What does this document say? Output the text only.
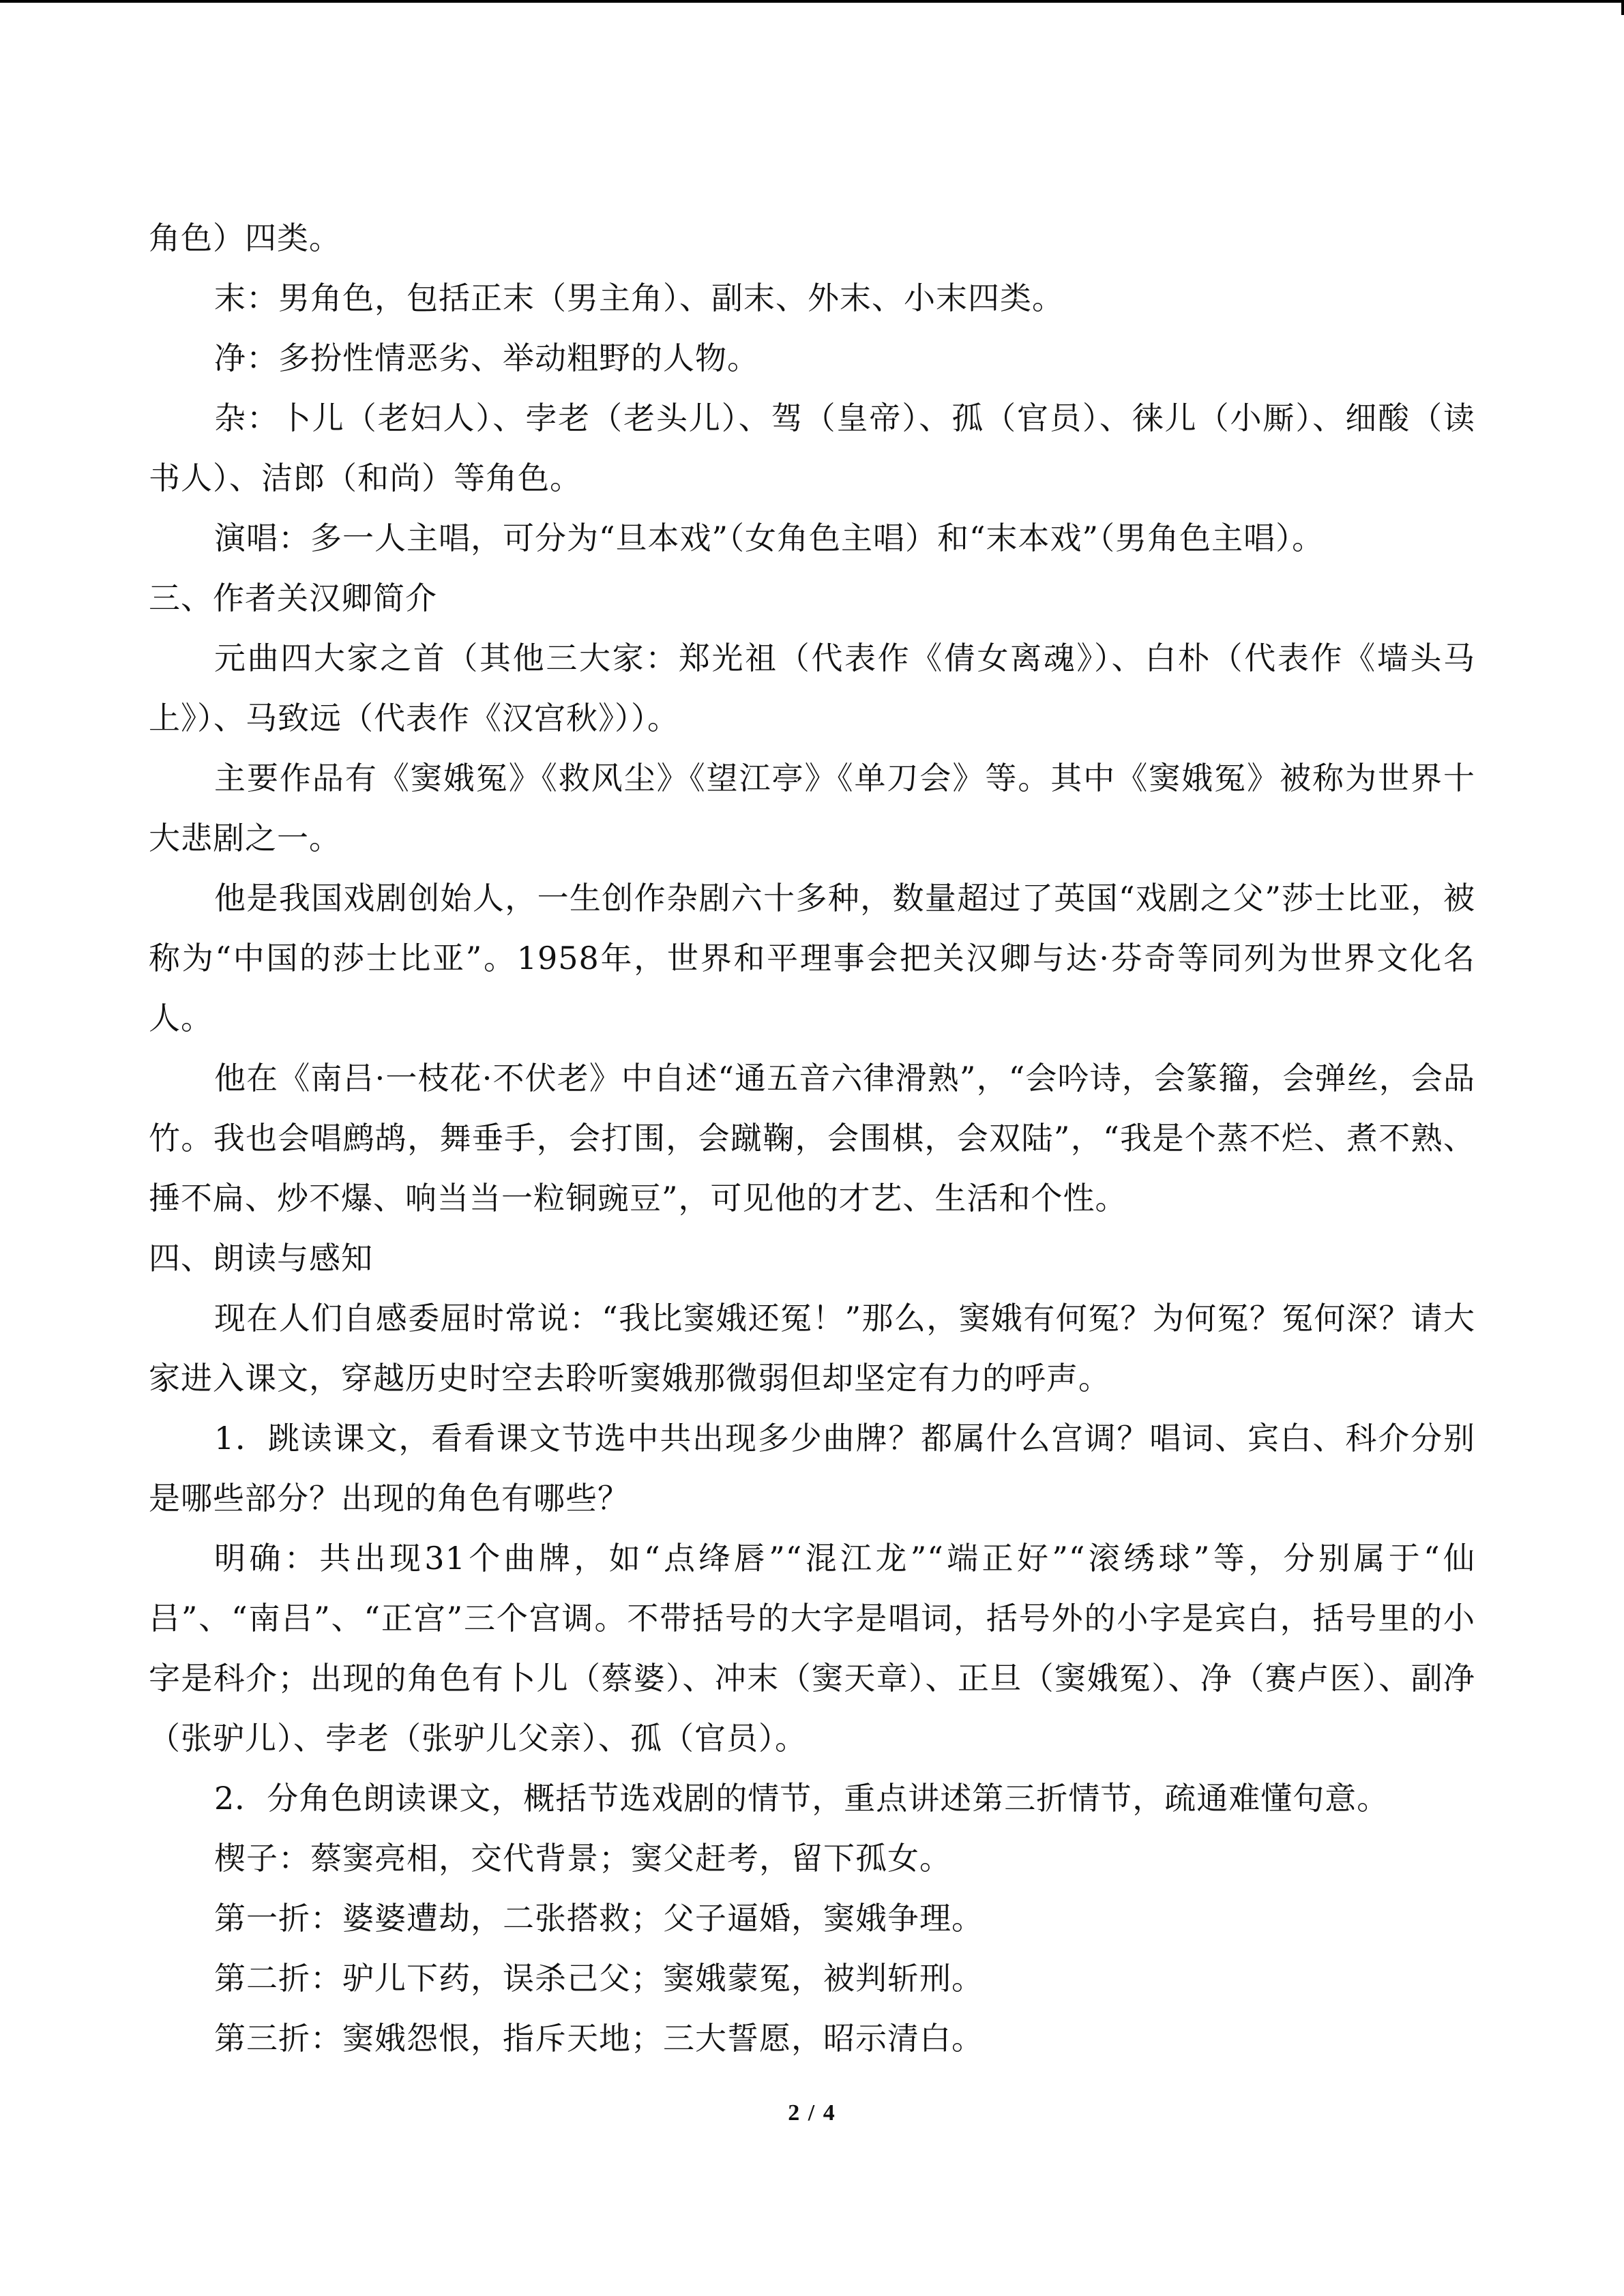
角色）四类。

末：男角色，包括正末（男主角）、副末、外末、小末四类。

净：多扮性情恶劣、举动粗野的人物。

杂：卜儿（老妇人）、孛老（老头儿）、驾（皇帝）、孤（官员）、徕儿（小厮）、细酸（读书人）、洁郎（和尚）等角色。

演唱：多一人主唱，可分为“旦本戏”（女角色主唱）和“末本戏”（男角色主唱）。

三、作者关汉卿简介

元曲四大家之首（其他三大家：郑光祖（代表作《倩女离魂》）、白朴（代表作《墙头马上》）、马致远（代表作《汉宫秋》））。

主要作品有《窦娥冤》《救风尘》《望江亭》《单刀会》等。其中《窦娥冤》被称为世界十大悲剧之一。

他是我国戏剧创始人，一生创作杂剧六十多种，数量超过了英国“戏剧之父”莎士比亚，被称为“中国的莎士比亚”。1958年，世界和平理事会把关汉卿与达·芬奇等同列为世界文化名人。

他在《南吕·一枝花·不伏老》中自述“通五音六律滑熟”，“会吟诗，会篆籀，会弹丝，会品竹。我也会唱鹧鸪，舞垂手，会打围，会蹴鞠，会围棋，会双陆”，“我是个蒸不烂、煮不熟、捶不扁、炒不爆、响当当一粒铜豌豆”，可见他的才艺、生活和个性。

四、朗读与感知

现在人们自感委屈时常说：“我比窦娥还冤！”那么，窦娥有何冤？为何冤？冤何深？请大家进入课文，穿越历史时空去聆听窦娥那微弱但却坚定有力的呼声。

1．跳读课文，看看课文节选中共出现多少曲牌？都属什么宫调？唱词、宾白、科介分别是哪些部分？出现的角色有哪些？

明确：共出现31个曲牌，如“点绛唇”“混江龙”“端正好”“滚绣球”等，分别属于“仙吕”、“南吕”、“正宫”三个宫调。不带括号的大字是唱词，括号外的小字是宾白，括号里的小字是科介；出现的角色有卜儿（蔡婆）、冲末（窦天章）、正旦（窦娥冤）、净（赛卢医）、副净（张驴儿）、孛老（张驴儿父亲）、孤（官员）。

2．分角色朗读课文，概括节选戏剧的情节，重点讲述第三折情节，疏通难懂句意。

楔子：蔡窦亮相，交代背景；窦父赶考，留下孤女。

第一折：婆婆遭劫，二张搭救；父子逼婚，窦娥争理。

第二折：驴儿下药，误杀己父；窦娥蒙冤，被判斩刑。

第三折：窦娥怨恨，指斥天地；三大誓愿，昭示清白。

2 / 4
